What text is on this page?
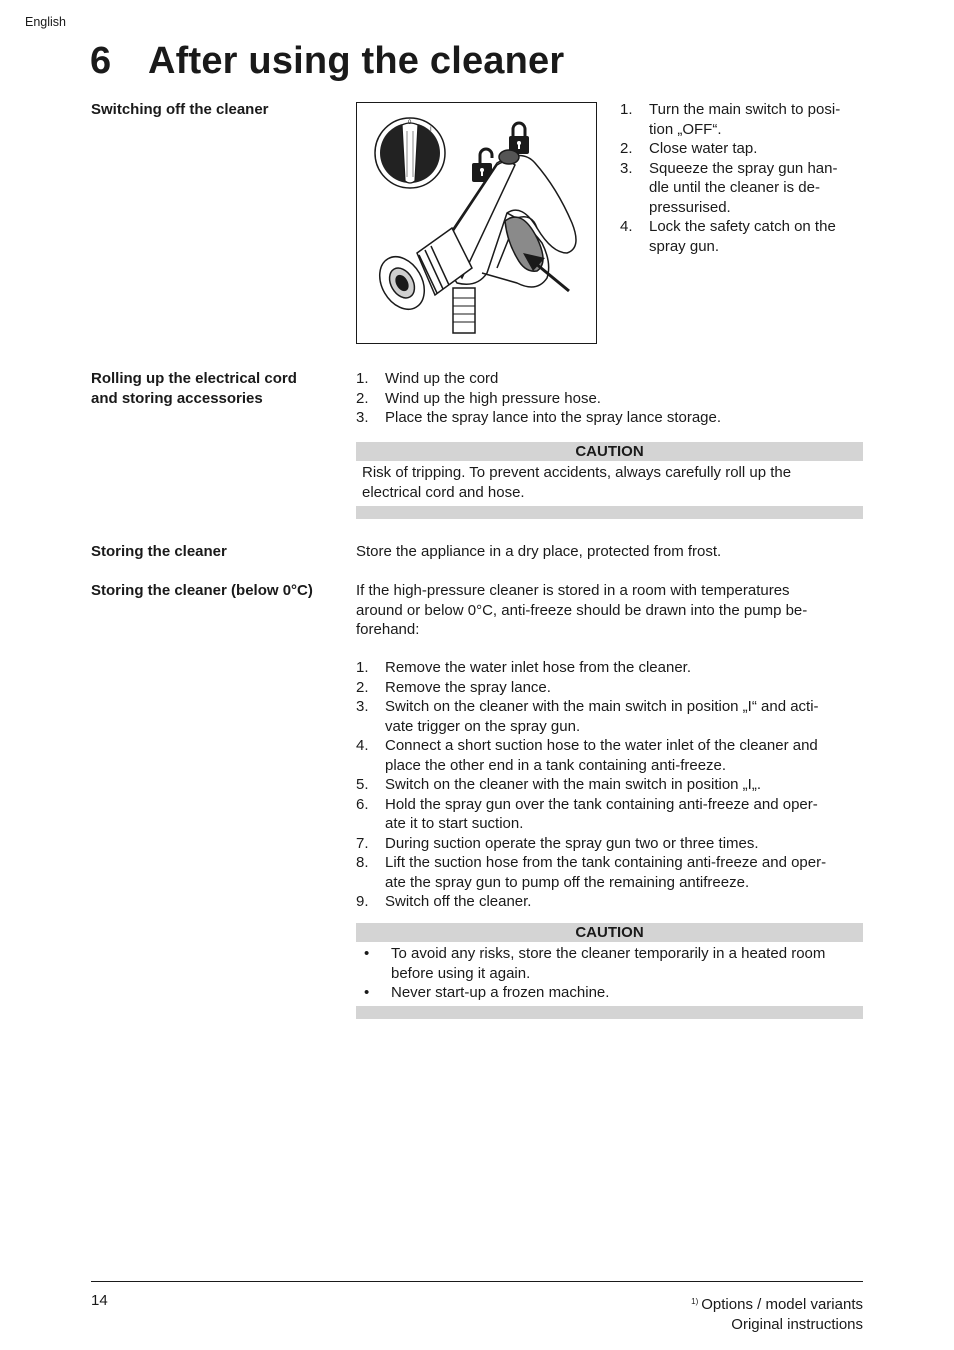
English
6 After using the cleaner
Switching off the cleaner
0
I
1. Turn the main switch to posi-
tion „OFF“.
2. Close water tap.
3. Squeeze the spray gun han-
dle until the cleaner is de-
pressurised.
4. Lock the safety catch on the
spray gun.
Rolling up the electrical cord
and storing accessories
1. Wind up the cord
2. Wind up the high pressure hose.
3. Place the spray lance into the spray lance storage.
CAUTION
Risk of tripping. To prevent accidents, always carefully roll up the
electrical cord and hose.
Storing the cleaner	Store the appliance in a dry place, protected from frost.
Storing the cleaner (below 0°C)	If the high-pressure cleaner is stored in a room with temperatures
around or below 0°C, anti-freeze should be drawn into the pump be-
forehand:
1. Remove the water inlet hose from the cleaner.
2. Remove the spray lance.
3. Switch on the cleaner with the main switch in position „I“ and acti-
vate trigger on the spray gun.
4. Connect a short suction hose to the water inlet of the cleaner and
place the other end in a tank containing anti-freeze.
5. Switch on the cleaner with the main switch in position „I„.
6. Hold the spray gun over the tank containing anti-freeze and oper-
ate it to start suction.
7. During suction operate the spray gun two or three times.
8. Lift the suction hose from the tank containing anti-freeze and oper-
ate the spray gun to pump off the remaining antifreeze.
9. Switch off the cleaner.
CAUTION
• To avoid any risks, store the cleaner temporarily in a heated room
before using it again.
• Never start-up a frozen machine.
14	$^{1)}$ Options / model variants
Original instructions
